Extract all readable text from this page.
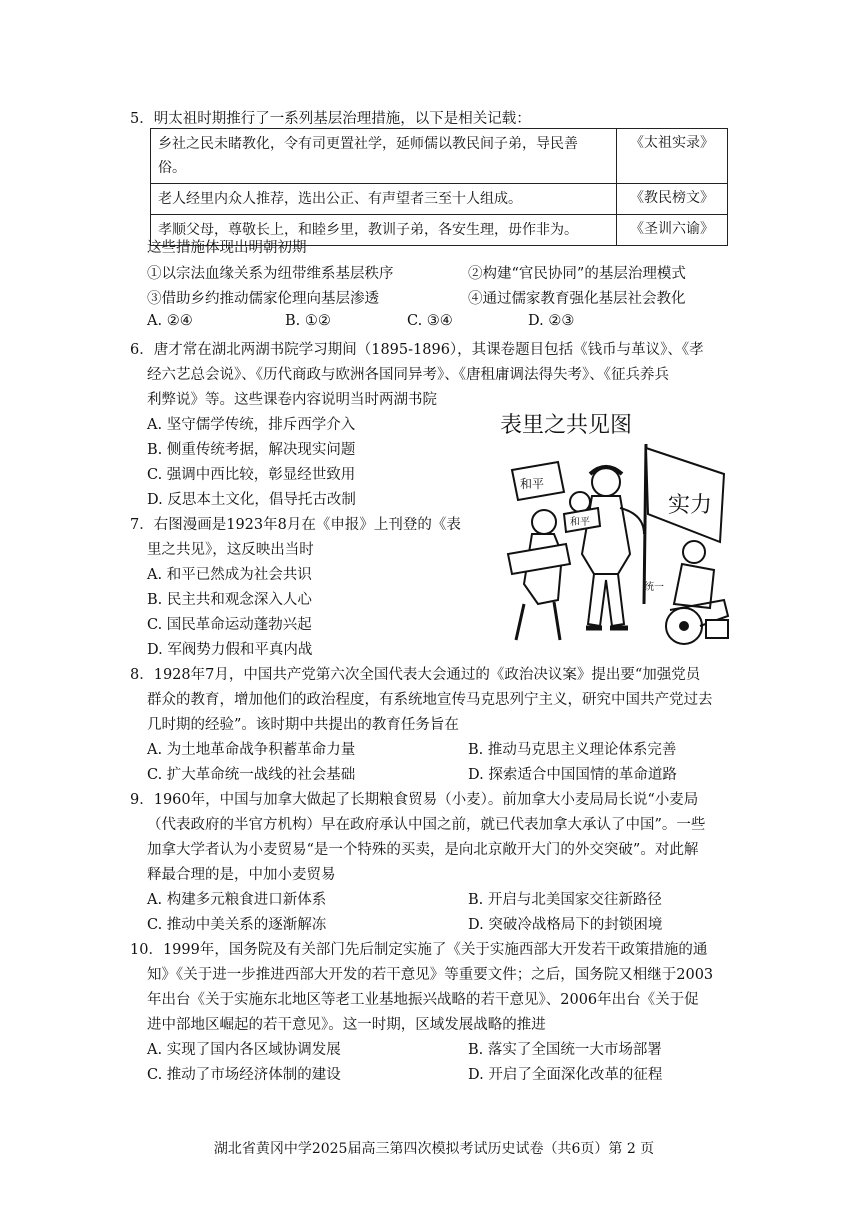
5．明太祖时期推行了一系列基层治理措施，以下是相关记载：
乡社之民未睹教化，令有司更置社学，延师儒以教民间子弟，导民善
俗。	《太祖实录》
老人经里内众人推荐，选出公正、有声望者三至十人组成。	《教民榜文》
孝顺父母，尊敬长上，和睦乡里，教训子弟，各安生理，毋作非为。	《圣训六谕》
这些措施体现出明朝初期
①以宗法血缘关系为纽带维系基层秩序	②构建“官民协同”的基层治理模式
③借助乡约推动儒家伦理向基层渗透	④通过儒家教育强化基层社会教化
A. ②④	B. ①②	C. ③④	D. ②③
6．唐才常在湖北两湖书院学习期间（1895-1896），其课卷题目包括《钱币与革议》、《孝
经六艺总会说》、《历代商政与欧洲各国同异考》、《唐租庸调法得失考》、《征兵养兵
利弊说》等。这些课卷内容说明当时两湖书院
A. 坚守儒学传统，排斥西学介入
B. 侧重传统考据，解决现实问题
C. 强调中西比较，彰显经世致用
D. 反思本土文化，倡导托古改制
7．右图漫画是1923年8月在《申报》上刊登的《表
里之共见》，这反映出当时
A. 和平已然成为社会共识
B. 民主共和观念深入人心
C. 国民革命运动蓬勃兴起
D. 军阀势力假和平真内战
表里之共见图
实力
和平
和平
统一
8．1928年7月，中国共产党第六次全国代表大会通过的《政治决议案》提出要“加强党员
群众的教育，增加他们的政治程度，有系统地宣传马克思列宁主义，研究中国共产党过去
几时期的经验”。该时期中共提出的教育任务旨在
A. 为土地革命战争积蓄革命力量	B. 推动马克思主义理论体系完善
C. 扩大革命统一战线的社会基础	D. 探索适合中国国情的革命道路
9．1960年，中国与加拿大做起了长期粮食贸易（小麦）。前加拿大小麦局局长说“小麦局
（代表政府的半官方机构）早在政府承认中国之前，就已代表加拿大承认了中国”。一些
加拿大学者认为小麦贸易“是一个特殊的买卖，是向北京敞开大门的外交突破”。对此解
释最合理的是，中加小麦贸易
A. 构建多元粮食进口新体系	B. 开启与北美国家交往新路径
C. 推动中美关系的逐渐解冻	D. 突破冷战格局下的封锁困境
10．1999年，国务院及有关部门先后制定实施了《关于实施西部大开发若干政策措施的通
知》《关于进一步推进西部大开发的若干意见》等重要文件；之后，国务院又相继于2003
年出台《关于实施东北地区等老工业基地振兴战略的若干意见》、2006年出台《关于促
进中部地区崛起的若干意见》。这一时期，区域发展战略的推进
A. 实现了国内各区域协调发展	B. 落实了全国统一大市场部署
C. 推动了市场经济体制的建设	D. 开启了全面深化改革的征程
湖北省黄冈中学2025届高三第四次模拟考试历史试卷（共6页）第 2 页
